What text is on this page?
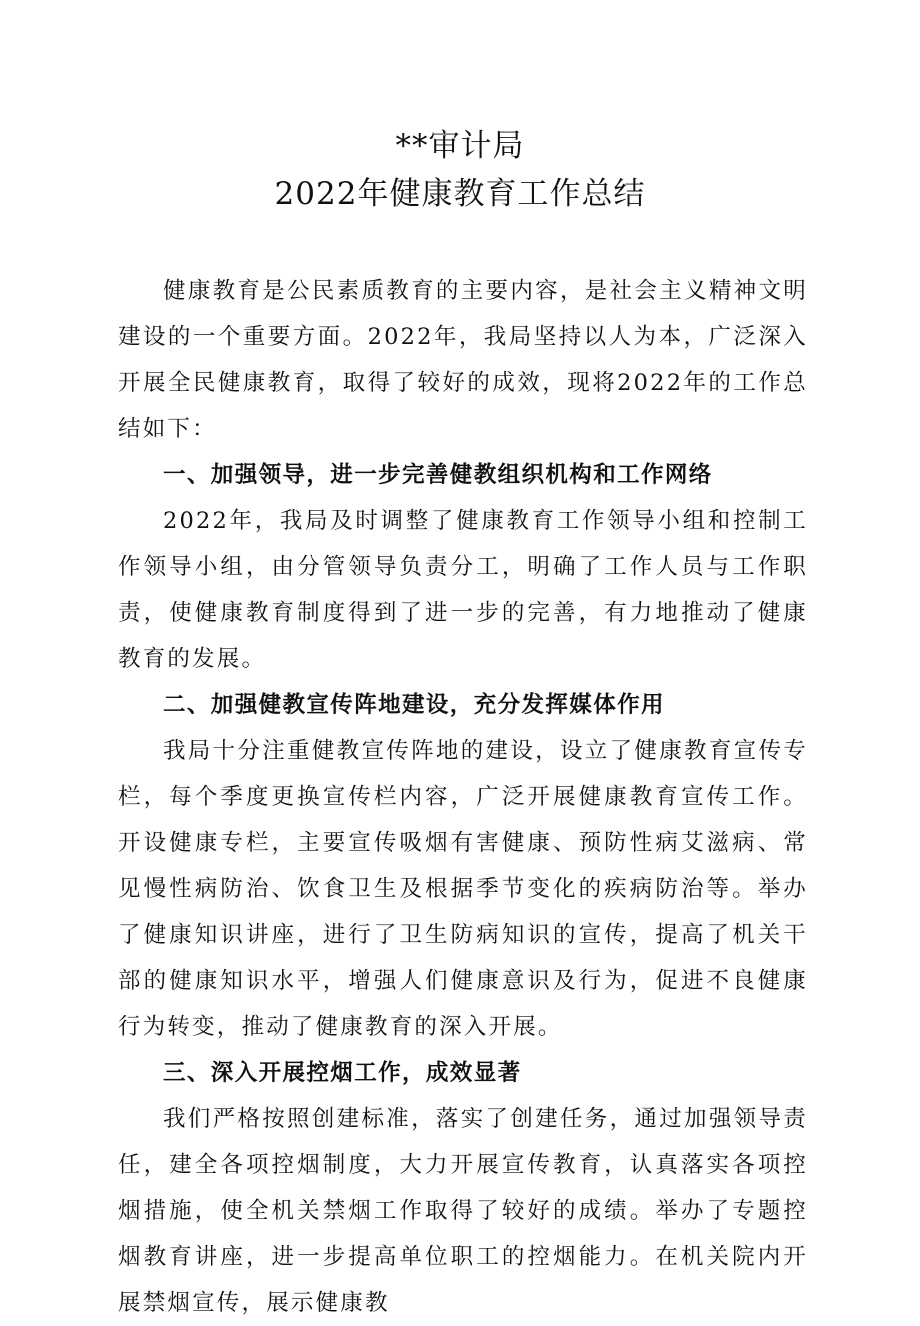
**审计局
2022年健康教育工作总结

健康教育是公民素质教育的主要内容，是社会主义精神文明建设的一个重要方面。2022年，我局坚持以人为本，广泛深入开展全民健康教育，取得了较好的成效，现将2022年的工作总结如下：

一、加强领导，进一步完善健教组织机构和工作网络

2022年，我局及时调整了健康教育工作领导小组和控制工作领导小组，由分管领导负责分工，明确了工作人员与工作职责，使健康教育制度得到了进一步的完善，有力地推动了健康教育的发展。

二、加强健教宣传阵地建设，充分发挥媒体作用

我局十分注重健教宣传阵地的建设，设立了健康教育宣传专栏，每个季度更换宣传栏内容，广泛开展健康教育宣传工作。开设健康专栏，主要宣传吸烟有害健康、预防性病艾滋病、常见慢性病防治、饮食卫生及根据季节变化的疾病防治等。举办了健康知识讲座，进行了卫生防病知识的宣传，提高了机关干部的健康知识水平，增强人们健康意识及行为，促进不良健康行为转变，推动了健康教育的深入开展。

三、深入开展控烟工作，成效显著

我们严格按照创建标准，落实了创建任务，通过加强领导责任，建全各项控烟制度，大力开展宣传教育，认真落实各项控烟措施，使全机关禁烟工作取得了较好的成绩。举办了专题控烟教育讲座，进一步提高单位职工的控烟能力。在机关院内开展禁烟宣传，展示健康教
